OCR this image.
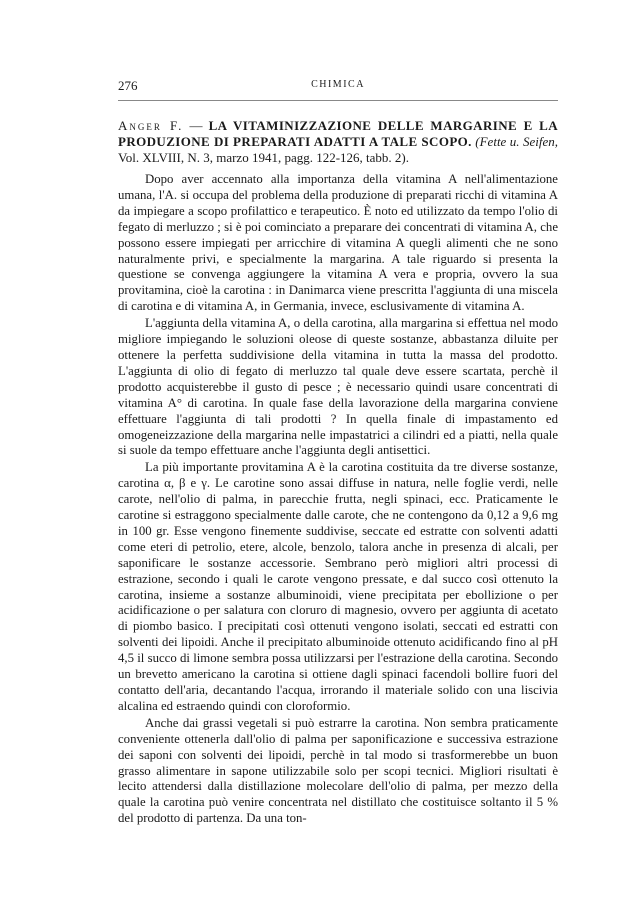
276	CHIMICA

Anger F. — LA VITAMINIZZAZIONE DELLE MARGARINE E LA PRODUZIONE DI PREPARATI ADATTI A TALE SCOPO. (Fette u. Seifen, Vol. XLVIII, N. 3, marzo 1941, pagg. 122-126, tabb. 2).

Dopo aver accennato alla importanza della vitamina A nell'alimentazione umana, l'A. si occupa del problema della produzione di preparati ricchi di vitamina A da impiegare a scopo profilattico e terapeutico. È noto ed utilizzato da tempo l'olio di fegato di merluzzo ; si è poi cominciato a preparare dei concentrati di vitamina A, che possono essere impiegati per arricchire di vitamina A quegli alimenti che ne sono naturalmente privi, e specialmente la margarina. A tale riguardo si presenta la questione se convenga aggiungere la vitamina A vera e propria, ovvero la sua provitamina, cioè la carotina : in Danimarca viene prescritta l'aggiunta di una miscela di carotina e di vitamina A, in Germania, invece, esclusivamente di vitamina A.

L'aggiunta della vitamina A, o della carotina, alla margarina si effettua nel modo migliore impiegando le soluzioni oleose di queste sostanze, abbastanza diluite per ottenere la perfetta suddivisione della vitamina in tutta la massa del prodotto. L'aggiunta di olio di fegato di merluzzo tal quale deve essere scartata, perchè il prodotto acquisterebbe il gusto di pesce ; è necessario quindi usare concentrati di vitamina A° di carotina. In quale fase della lavorazione della margarina conviene effettuare l'aggiunta di tali prodotti ? In quella finale di impastamento ed omogeneizzazione della margarina nelle impastatrici a cilindri ed a piatti, nella quale si suole da tempo effettuare anche l'aggiunta degli antisettici.

La più importante provitamina A è la carotina costituita da tre diverse sostanze, carotina α, β e γ. Le carotine sono assai diffuse in natura, nelle foglie verdi, nelle carote, nell'olio di palma, in parecchie frutta, negli spinaci, ecc. Praticamente le carotine si estraggono specialmente dalle carote, che ne contengono da 0,12 a 9,6 mg in 100 gr. Esse vengono finemente suddivise, seccate ed estratte con solventi adatti come eteri di petrolio, etere, alcole, benzolo, talora anche in presenza di alcali, per saponificare le sostanze accessorie. Sembrano però migliori altri processi di estrazione, secondo i quali le carote vengono pressate, e dal succo così ottenuto la carotina, insieme a sostanze albuminoidi, viene precipitata per ebollizione o per acidificazione o per salatura con cloruro di magnesio, ovvero per aggiunta di acetato di piombo basico. I precipitati così ottenuti vengono isolati, seccati ed estratti con solventi dei lipoidi. Anche il precipitato albuminoide ottenuto acidificando fino al pH 4,5 il succo di limone sembra possa utilizzarsi per l'estrazione della carotina. Secondo un brevetto americano la carotina si ottiene dagli spinaci facendoli bollire fuori del contatto dell'aria, decantando l'acqua, irrorando il materiale solido con una liscivia alcalina ed estraendo quindi con cloroformio.

Anche dai grassi vegetali si può estrarre la carotina. Non sembra praticamente conveniente ottenerla dall'olio di palma per saponificazione e successiva estrazione dei saponi con solventi dei lipoidi, perchè in tal modo si trasformerebbe un buon grasso alimentare in sapone utilizzabile solo per scopi tecnici. Migliori risultati è lecito attendersi dalla distillazione molecolare dell'olio di palma, per mezzo della quale la carotina può venire concentrata nel distillato che costituisce soltanto il 5 % del prodotto di partenza. Da una ton-
